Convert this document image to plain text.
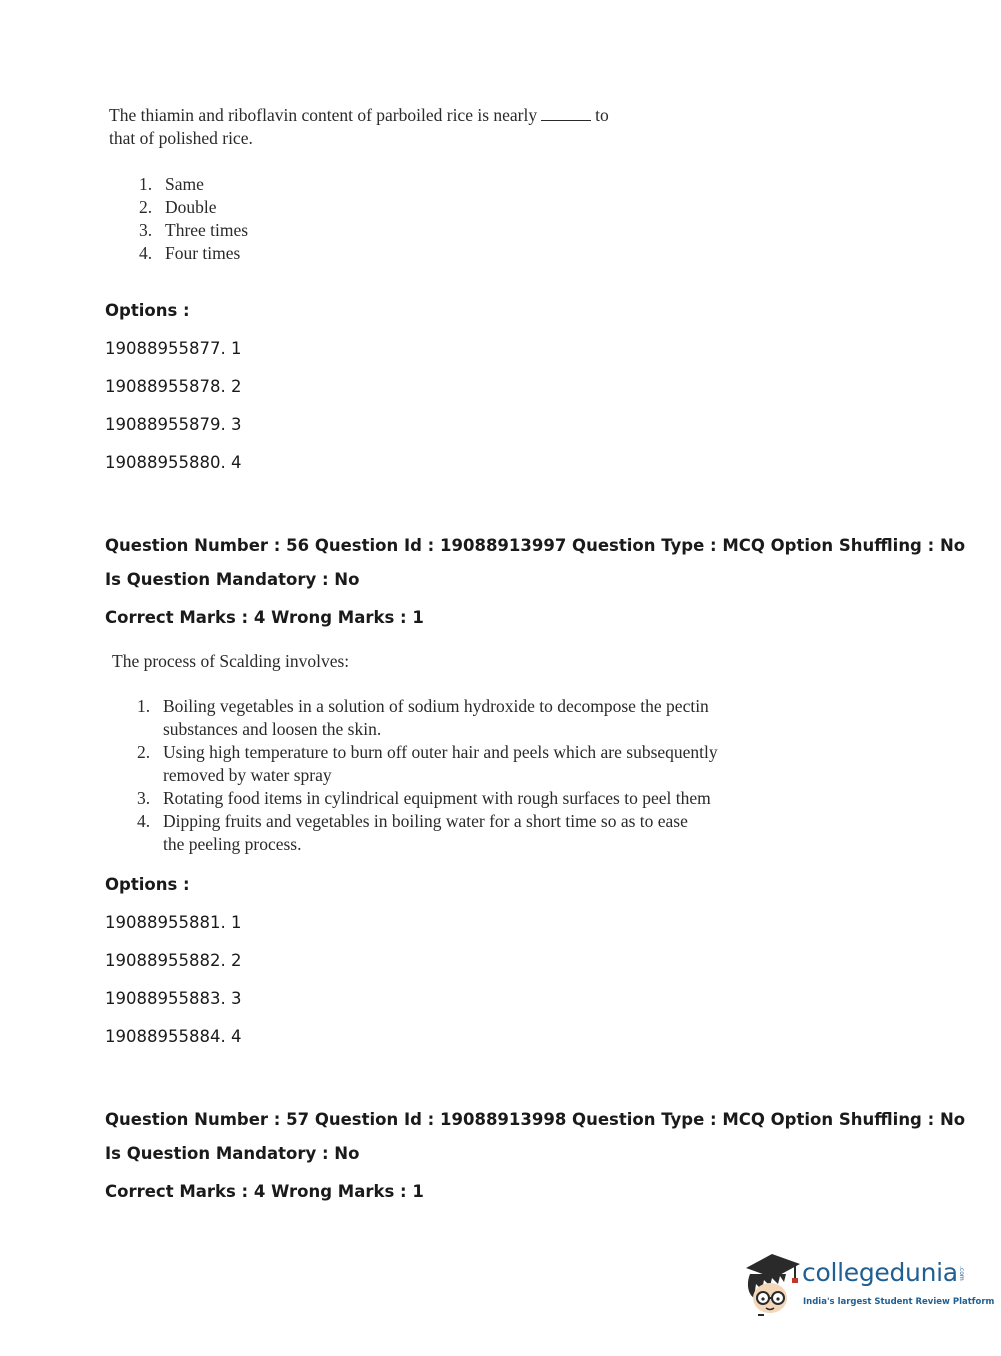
The thiamin and riboflavin content of parboiled rice is nearly	to
that of polished rice.
1. Same
2. Double
3. Three times
4. Four times
Options :
19088955877. 1
19088955878. 2
19088955879. 3
19088955880. 4
Question Number : 56 Question Id : 19088913997 Question Type : MCQ Option Shuffling : No
Is Question Mandatory : No
Correct Marks : 4 Wrong Marks : 1
The process of Scalding involves:
1. Boiling vegetables in a solution of sodium hydroxide to decompose the pectin
substances and loosen the skin.
2. Using high temperature to burn off outer hair and peels which are subsequently
removed by water spray
3. Rotating food items in cylindrical equipment with rough surfaces to peel them
4. Dipping fruits and vegetables in boiling water for a short time so as to ease
the peeling process.
Options :
19088955881. 1
19088955882. 2
19088955883. 3
19088955884. 4
Question Number : 57 Question Id : 19088913998 Question Type : MCQ Option Shuffling : No
Is Question Mandatory : No
Correct Marks : 4 Wrong Marks : 1
collegedunia .com
India's largest Student Review Platform
